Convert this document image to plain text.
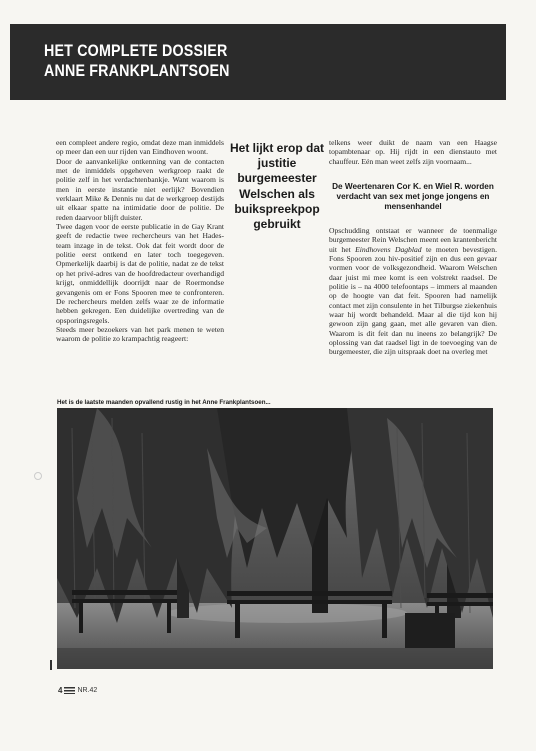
HET COMPLETE DOSSIER
ANNE FRANKPLANTSOEN

een compleet andere regio, omdat deze man inmiddels op meer dan een uur rijden van Eindhoven woont.

Door de aanvankelijke ontkenning van de contacten met de inmiddels opgeheven werkgroep raakt de politie zelf in het verdachtenbankje. Want waarom is men in eerste instantie niet eerlijk? Bovendien verklaart Mike & Dennis nu dat de werkgroep destijds uit elkaar spatte na intimidatie door de politie. De reden daarvoor blijft duister.

Twee dagen voor de eerste publicatie in de Gay Krant geeft de redactie twee rechercheurs van het Hades-team inzage in de tekst. Ook dat feit wordt door de politie eerst ontkend en later toch toegegeven. Opmerkelijk daarbij is dat de politie, nadat ze de tekst op het privé-adres van de hoofdredacteur overhandigd krijgt, onmiddellijk doorrijdt naar de Roermondse gevangenis om er Fons Spooren mee te confronteren. De rechercheurs melden zelfs waar ze de informatie hebben gekregen. Een duidelijke overtreding van de opsporingsregels.

Steeds meer bezoekers van het park menen te weten waarom de politie zo krampachtig reageert:

Het lijkt erop dat justitie burgemeester Welschen als buikspreekpop gebruikt

telkens weer duikt de naam van een Haagse topambtenaar op. Hij rijdt in een dienstauto met chauffeur. Eén man weet zelfs zijn voornaam...

De Weertenaren Cor K. en Wiel R. worden verdacht van sex met jonge jongens en mensenhandel

Opschudding ontstaat er wanneer de toenmalige burgemeester Rein Welschen meent een krantenbericht uit het Eindhovens Dagblad te moeten bevestigen. Fons Spooren zou hiv-positief zijn en dus een gevaar vormen voor de volksgezondheid. Waarom Welschen daar juist mi mee komt is een volstrekt raadsel. De politie is – na 4000 telefoontaps – immers al maanden op de hoogte van dat feit. Spooren had namelijk contact met zijn consulente in het Tilburgse ziekenhuis waar hij wordt behandeld. Maar al die tijd kon hij gewoon zijn gang gaan, met alle gevaren van dien. Waarom is dit feit dan nu ineens zo belangrijk? De oplossing van dat raadsel ligt in de toevoeging van de burgemeester, die zijn uitspraak doet na overleg met

Het is de laatste maanden opvallend rustig in het Anne Frankplantsoen...

4 NR.42
